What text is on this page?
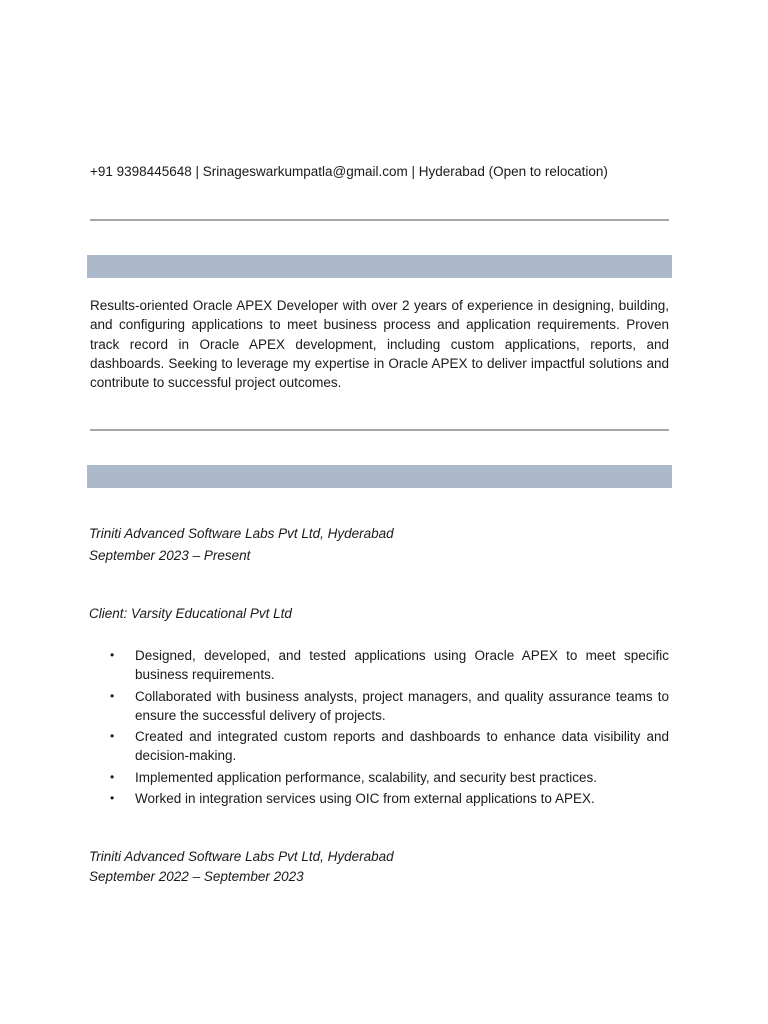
+91 9398445648 | Srinageswarkumpatla@gmail.com | Hyderabad (Open to relocation)

Results-oriented Oracle APEX Developer with over 2 years of experience in designing, building, and configuring applications to meet business process and application requirements. Proven track record in Oracle APEX development, including custom applications, reports, and dashboards. Seeking to leverage my expertise in Oracle APEX to deliver impactful solutions and contribute to successful project outcomes.

Triniti Advanced Software Labs Pvt Ltd, Hyderabad
September 2023 – Present
Client: Varsity Educational Pvt Ltd
• Designed, developed, and tested applications using Oracle APEX to meet specific business requirements.
• Collaborated with business analysts, project managers, and quality assurance teams to ensure the successful delivery of projects.
• Created and integrated custom reports and dashboards to enhance data visibility and decision-making.
• Implemented application performance, scalability, and security best practices.
• Worked in integration services using OIC from external applications to APEX.
Triniti Advanced Software Labs Pvt Ltd, Hyderabad
September 2022 – September 2023
